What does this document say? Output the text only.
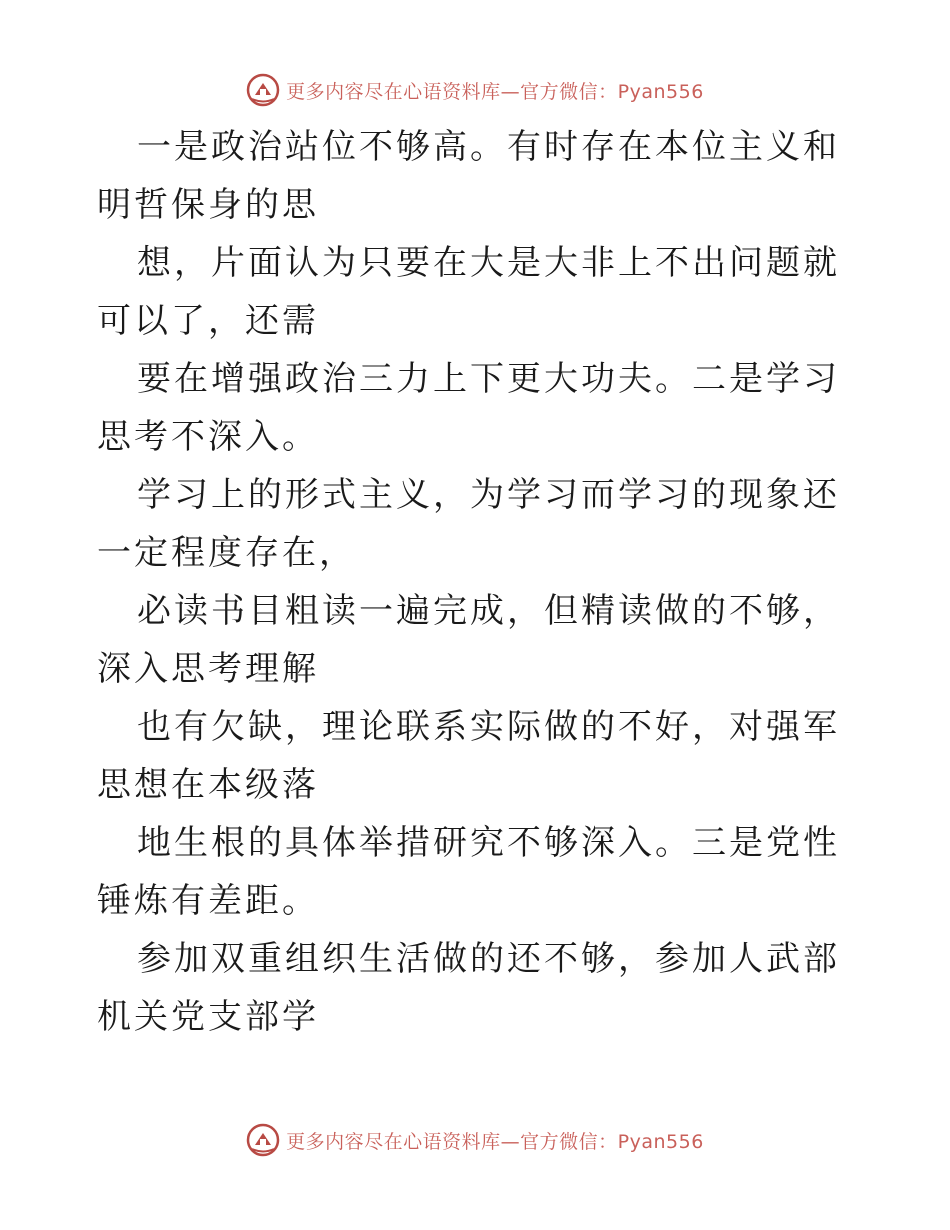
更多内容尽在心语资料库—官方微信：Pyan556

一是政治站位不够高。有时存在本位主义和明哲保身的思

想，片面认为只要在大是大非上不出问题就可以了，还需

要在增强政治三力上下更大功夫。二是学习思考不深入。

学习上的形式主义，为学习而学习的现象还一定程度存在，

必读书目粗读一遍完成，但精读做的不够，深入思考理解

也有欠缺，理论联系实际做的不好，对强军思想在本级落

地生根的具体举措研究不够深入。三是党性锤炼有差距。

参加双重组织生活做的还不够，参加人武部机关党支部学

更多内容尽在心语资料库—官方微信：Pyan556
